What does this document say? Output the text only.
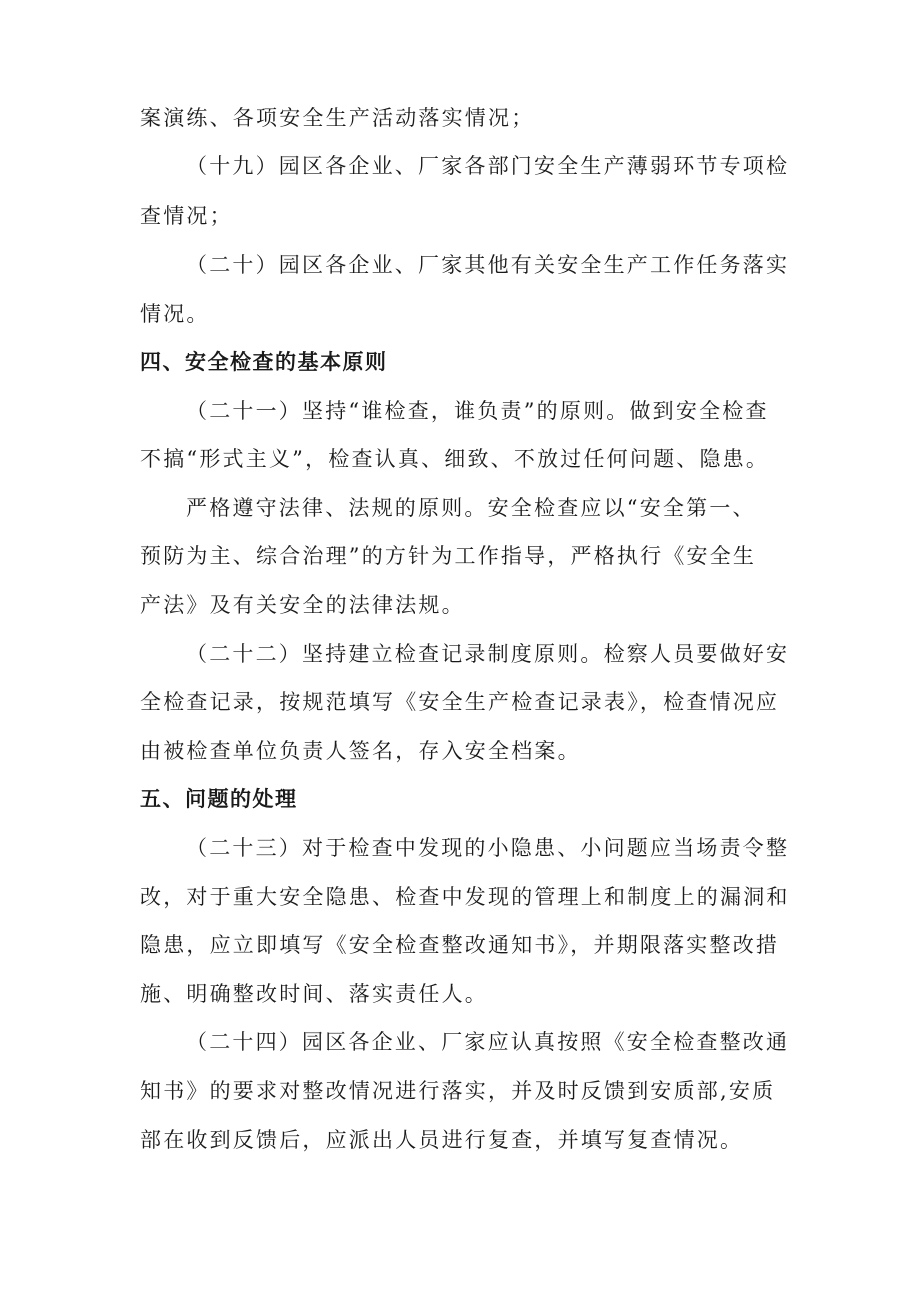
案演练、各项安全生产活动落实情况；
（十九）园区各企业、厂家各部门安全生产薄弱环节专项检
查情况；
（二十）园区各企业、厂家其他有关安全生产工作任务落实
情况。
四、安全检查的基本原则
（二十一）坚持“谁检查，谁负责”的原则。做到安全检查
不搞“形式主义”，检查认真、细致、不放过任何问题、隐患。
严格遵守法律、法规的原则。安全检查应以“安全第一、
预防为主、综合治理”的方针为工作指导，严格执行《安全生
产法》及有关安全的法律法规。
（二十二）坚持建立检查记录制度原则。检察人员要做好安
全检查记录，按规范填写《安全生产检查记录表》，检查情况应
由被检查单位负责人签名，存入安全档案。
五、问题的处理
（二十三）对于检查中发现的小隐患、小问题应当场责令整
改，对于重大安全隐患、检查中发现的管理上和制度上的漏洞和
隐患，应立即填写《安全检查整改通知书》，并期限落实整改措
施、明确整改时间、落实责任人。
（二十四）园区各企业、厂家应认真按照《安全检查整改通
知书》的要求对整改情况进行落实，并及时反馈到安质部,安质
部在收到反馈后，应派出人员进行复查，并填写复查情况。
